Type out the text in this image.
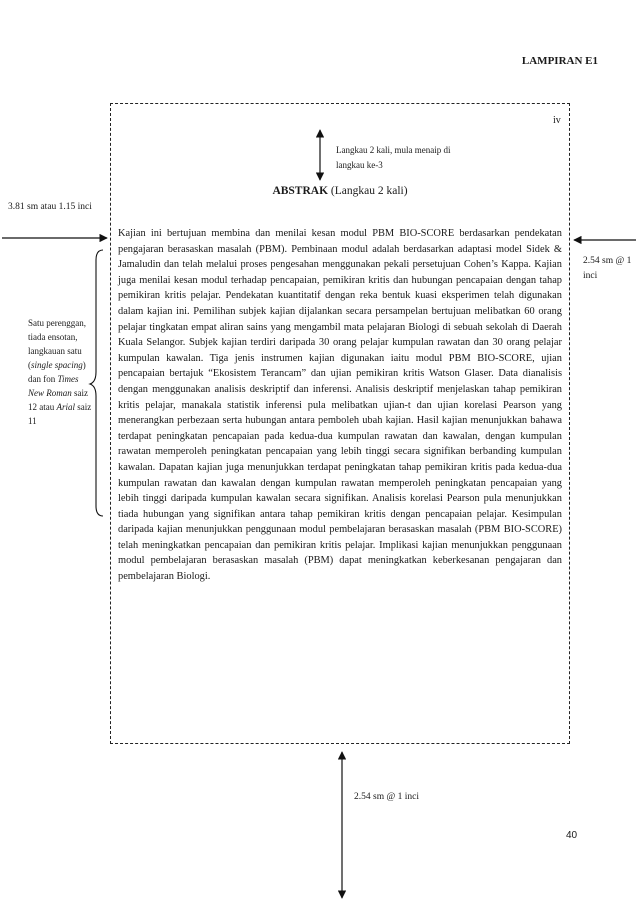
LAMPIRAN E1
iv
Langkau 2 kali, mula menaip di langkau ke-3
ABSTRAK (Langkau 2 kali)
Kajian ini bertujuan membina dan menilai kesan modul PBM BIO-SCORE berdasarkan pendekatan pengajaran berasaskan masalah (PBM). Pembinaan modul adalah berdasarkan adaptasi model Sidek & Jamaludin dan telah melalui proses pengesahan menggunakan pekali persetujuan Cohen’s Kappa. Kajian juga menilai kesan modul terhadap pencapaian, pemikiran kritis dan hubungan pencapaian dengan tahap pemikiran kritis pelajar. Pendekatan kuantitatif dengan reka bentuk kuasi eksperimen telah digunakan dalam kajian ini. Pemilihan subjek kajian dijalankan secara persampelan bertujuan melibatkan 60 orang pelajar tingkatan empat aliran sains yang mengambil mata pelajaran Biologi di sebuah sekolah di Daerah Kuala Selangor. Subjek kajian terdiri daripada 30 orang pelajar kumpulan rawatan dan 30 orang pelajar kumpulan kawalan. Tiga jenis instrumen kajian digunakan iaitu modul PBM BIO-SCORE, ujian pencapaian bertajuk “Ekosistem Terancam” dan ujian pemikiran kritis Watson Glaser. Data dianalisis dengan menggunakan analisis deskriptif dan inferensi. Analisis deskriptif menjelaskan tahap pemikiran kritis pelajar, manakala statistik inferensi pula melibatkan ujian-t dan ujian korelasi Pearson yang menerangkan perbezaan serta hubungan antara pemboleh ubah kajian. Hasil kajian menunjukkan bahawa terdapat peningkatan pencapaian pada kedua-dua kumpulan rawatan dan kawalan, dengan kumpulan rawatan memperoleh peningkatan pencapaian yang lebih tinggi secara signifikan berbanding kumpulan kawalan. Dapatan kajian juga menunjukkan terdapat peningkatan tahap pemikiran kritis pada kedua-dua kumpulan rawatan dan kawalan dengan kumpulan rawatan memperoleh peningkatan pencapaian yang lebih tinggi daripada kumpulan kawalan secara signifikan. Analisis korelasi Pearson pula menunjukkan tiada hubungan yang signifikan antara tahap pemikiran kritis dengan pencapaian pelajar. Kesimpulan daripada kajian menunjukkan penggunaan modul pembelajaran berasaskan masalah (PBM BIO-SCORE) telah meningkatkan pencapaian dan pemikiran kritis pelajar. Implikasi kajian menunjukkan penggunaan modul pembelajaran berasaskan masalah (PBM) dapat meningkatkan keberkesanan pengajaran dan pembelajaran Biologi.
3.81 sm atau 1.15 inci
2.54 sm @ 1 inci
Satu perenggan, tiada ensotan, langkauan satu (single spacing) dan fon Times New Roman saiz 12 atau Arial saiz 11
2.54 sm @ 1 inci
40
